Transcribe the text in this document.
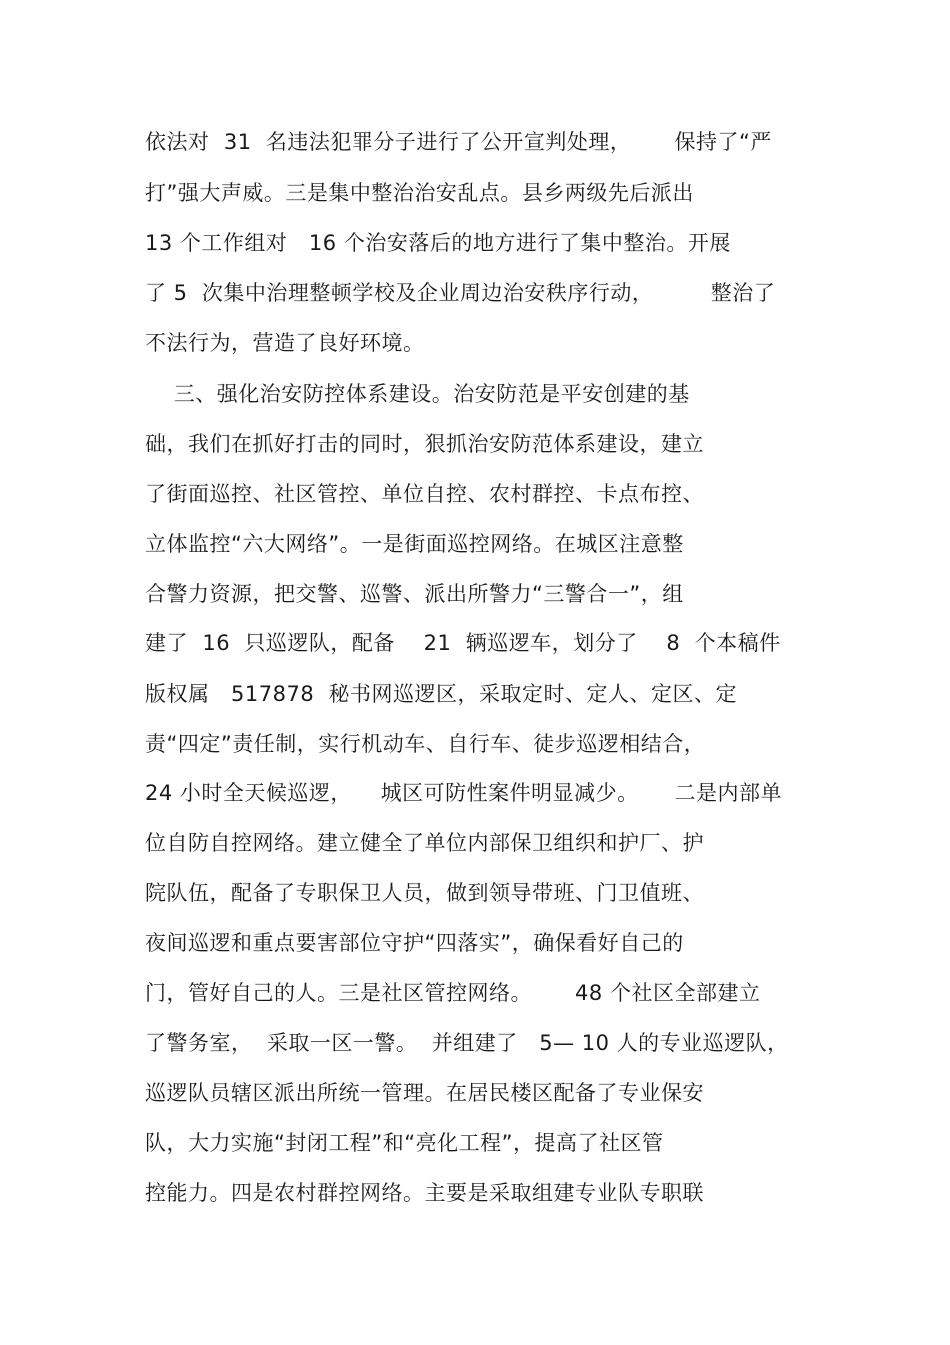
依法对  31  名违法犯罪分子进行了公开宣判处理，      保持了“严
打”强大声威。三是集中整治治安乱点。县乡两级先后派出
13 个工作组对   16 个治安落后的地方进行了集中整治。开展
了 5  次集中治理整顿学校及企业周边治安秩序行动，        整治了
不法行为，营造了良好环境。
三、强化治安防控体系建设。治安防范是平安创建的基
础，我们在抓好打击的同时，狠抓治安防范体系建设，建立
了街面巡控、社区管控、单位自控、农村群控、卡点布控、
立体监控“六大网络”。一是街面巡控网络。在城区注意整
合警力资源，把交警、巡警、派出所警力“三警合一”，组
建了  16  只巡逻队，配备    21  辆巡逻车，划分了    8  个本稿件
版权属   517878  秘书网巡逻区，采取定时、定人、定区、定
责“四定”责任制，实行机动车、自行车、徒步巡逻相结合，
24 小时全天候巡逻，    城区可防性案件明显减少。     二是内部单
位自防自控网络。建立健全了单位内部保卫组织和护厂、护
院队伍，配备了专职保卫人员，做到领导带班、门卫值班、
夜间巡逻和重点要害部位守护“四落实”，确保看好自己的
门，管好自己的人。三是社区管控网络。      48 个社区全部建立
了警务室，  采取一区一警。  并组建了   5— 10 人的专业巡逻队，
巡逻队员辖区派出所统一管理。在居民楼区配备了专业保安
队，大力实施“封闭工程”和“亮化工程”，提高了社区管
控能力。四是农村群控网络。主要是采取组建专业队专职联
